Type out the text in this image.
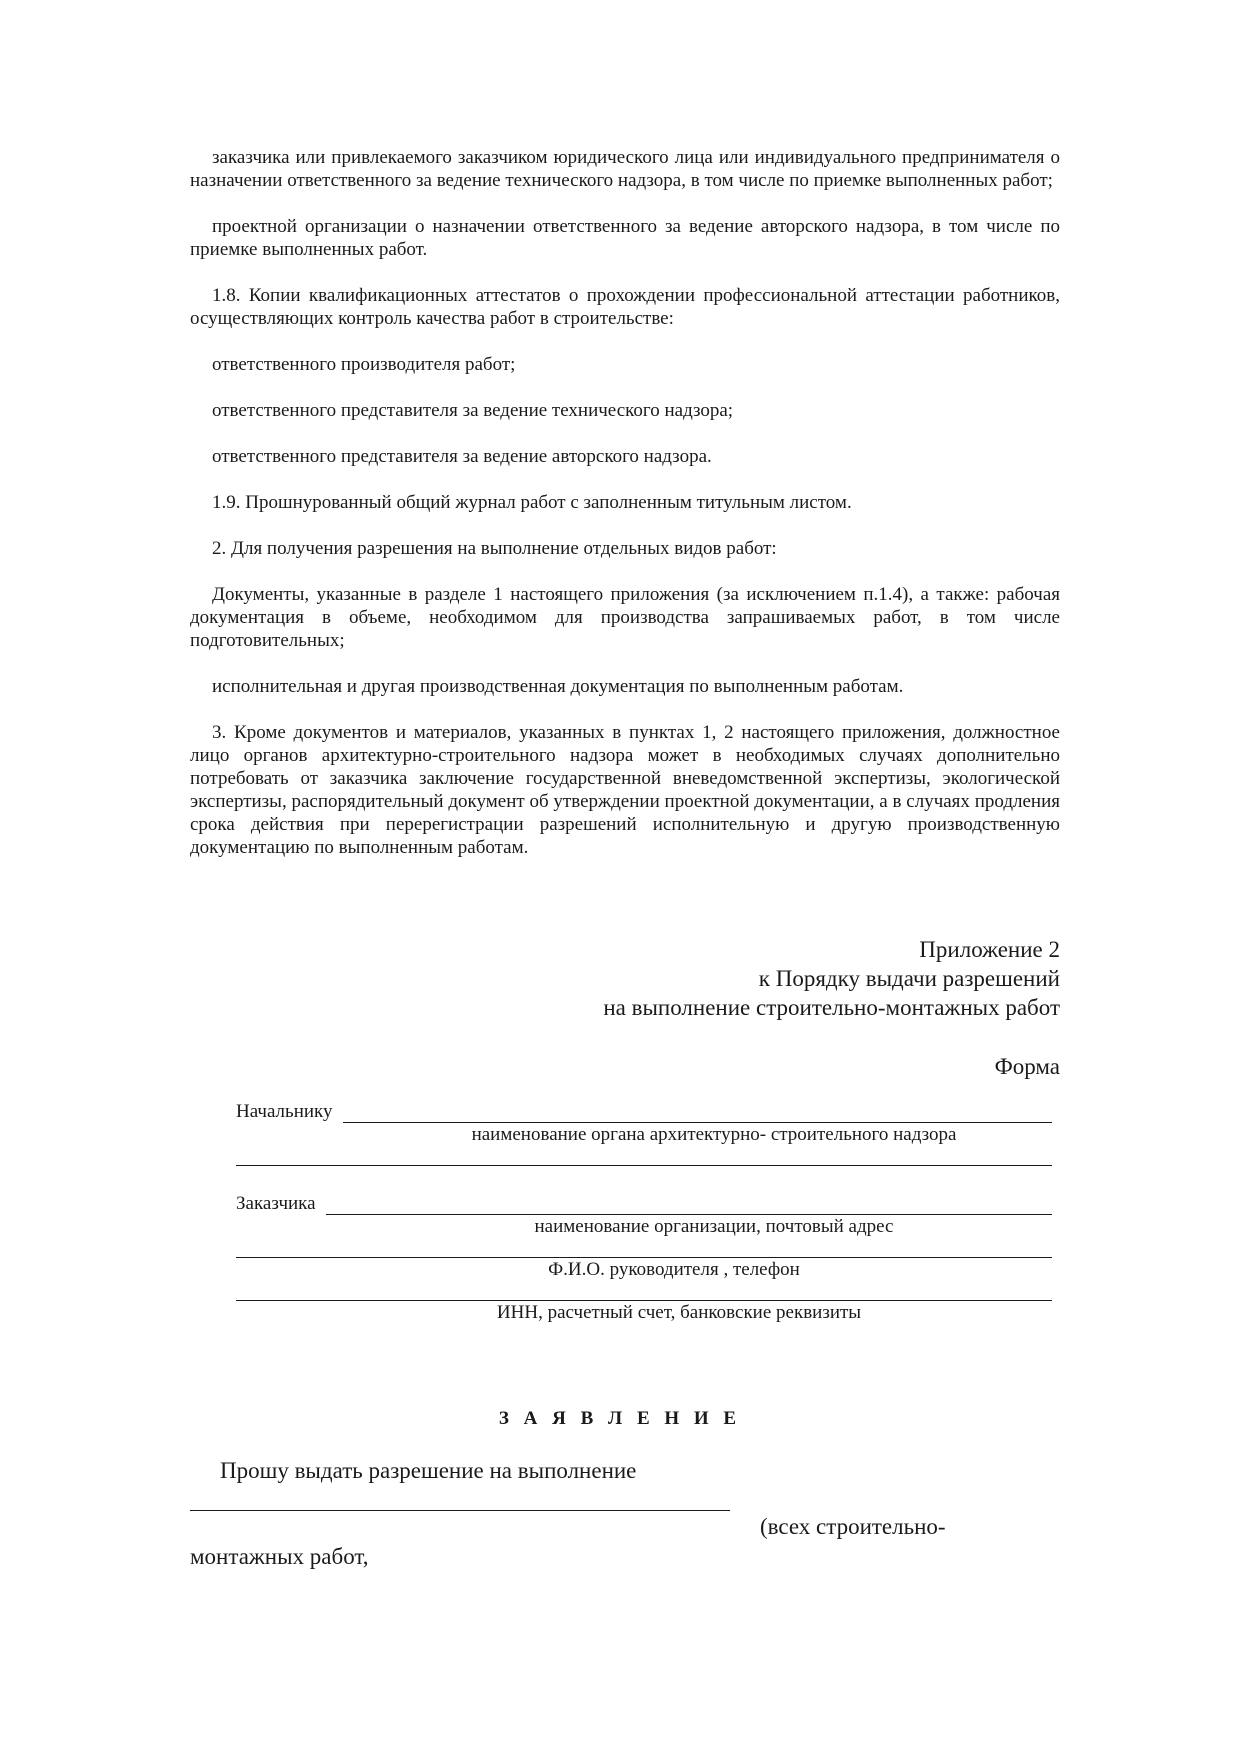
заказчика или привлекаемого заказчиком юридического лица или индивидуального предпринимателя о назначении ответственного за ведение технического надзора, в том числе по приемке выполненных работ;

проектной организации о назначении ответственного за ведение авторского надзора, в том числе по приемке выполненных работ.

1.8. Копии квалификационных аттестатов о прохождении профессиональной аттестации работников, осуществляющих контроль качества работ в строительстве:

ответственного производителя работ;

ответственного представителя за ведение технического надзора;

ответственного представителя за ведение авторского надзора.

1.9. Прошнурованный общий журнал работ с заполненным титульным листом.

2. Для получения разрешения на выполнение отдельных видов работ:

Документы, указанные в разделе 1 настоящего приложения (за исключением п.1.4), а также: рабочая документация в объеме, необходимом для производства запрашиваемых работ, в том числе подготовительных;

исполнительная и другая производственная документация по выполненным работам.

3. Кроме документов и материалов, указанных в пунктах 1, 2 настоящего приложения, должностное лицо органов архитектурно-строительного надзора может в необходимых случаях дополнительно потребовать от заказчика заключение государственной вневедомственной экспертизы, экологической экспертизы, распорядительный документ об утверждении проектной документации, а в случаях продления срока действия при перерегистрации разрешений исполнительную и другую производственную документацию по выполненным работам.

Приложение 2
к Порядку выдачи разрешений
на выполнение строительно-монтажных работ
Форма
Начальнику
наименование органа архитектурно- строительного надзора
Заказчика
наименование организации, почтовый адрес
Ф.И.О. руководителя , телефон
ИНН, расчетный счет, банковские реквизиты
З А Я В Л Е Н И Е
Прошу выдать разрешение на выполнение
(всех строительно-
монтажных работ,
